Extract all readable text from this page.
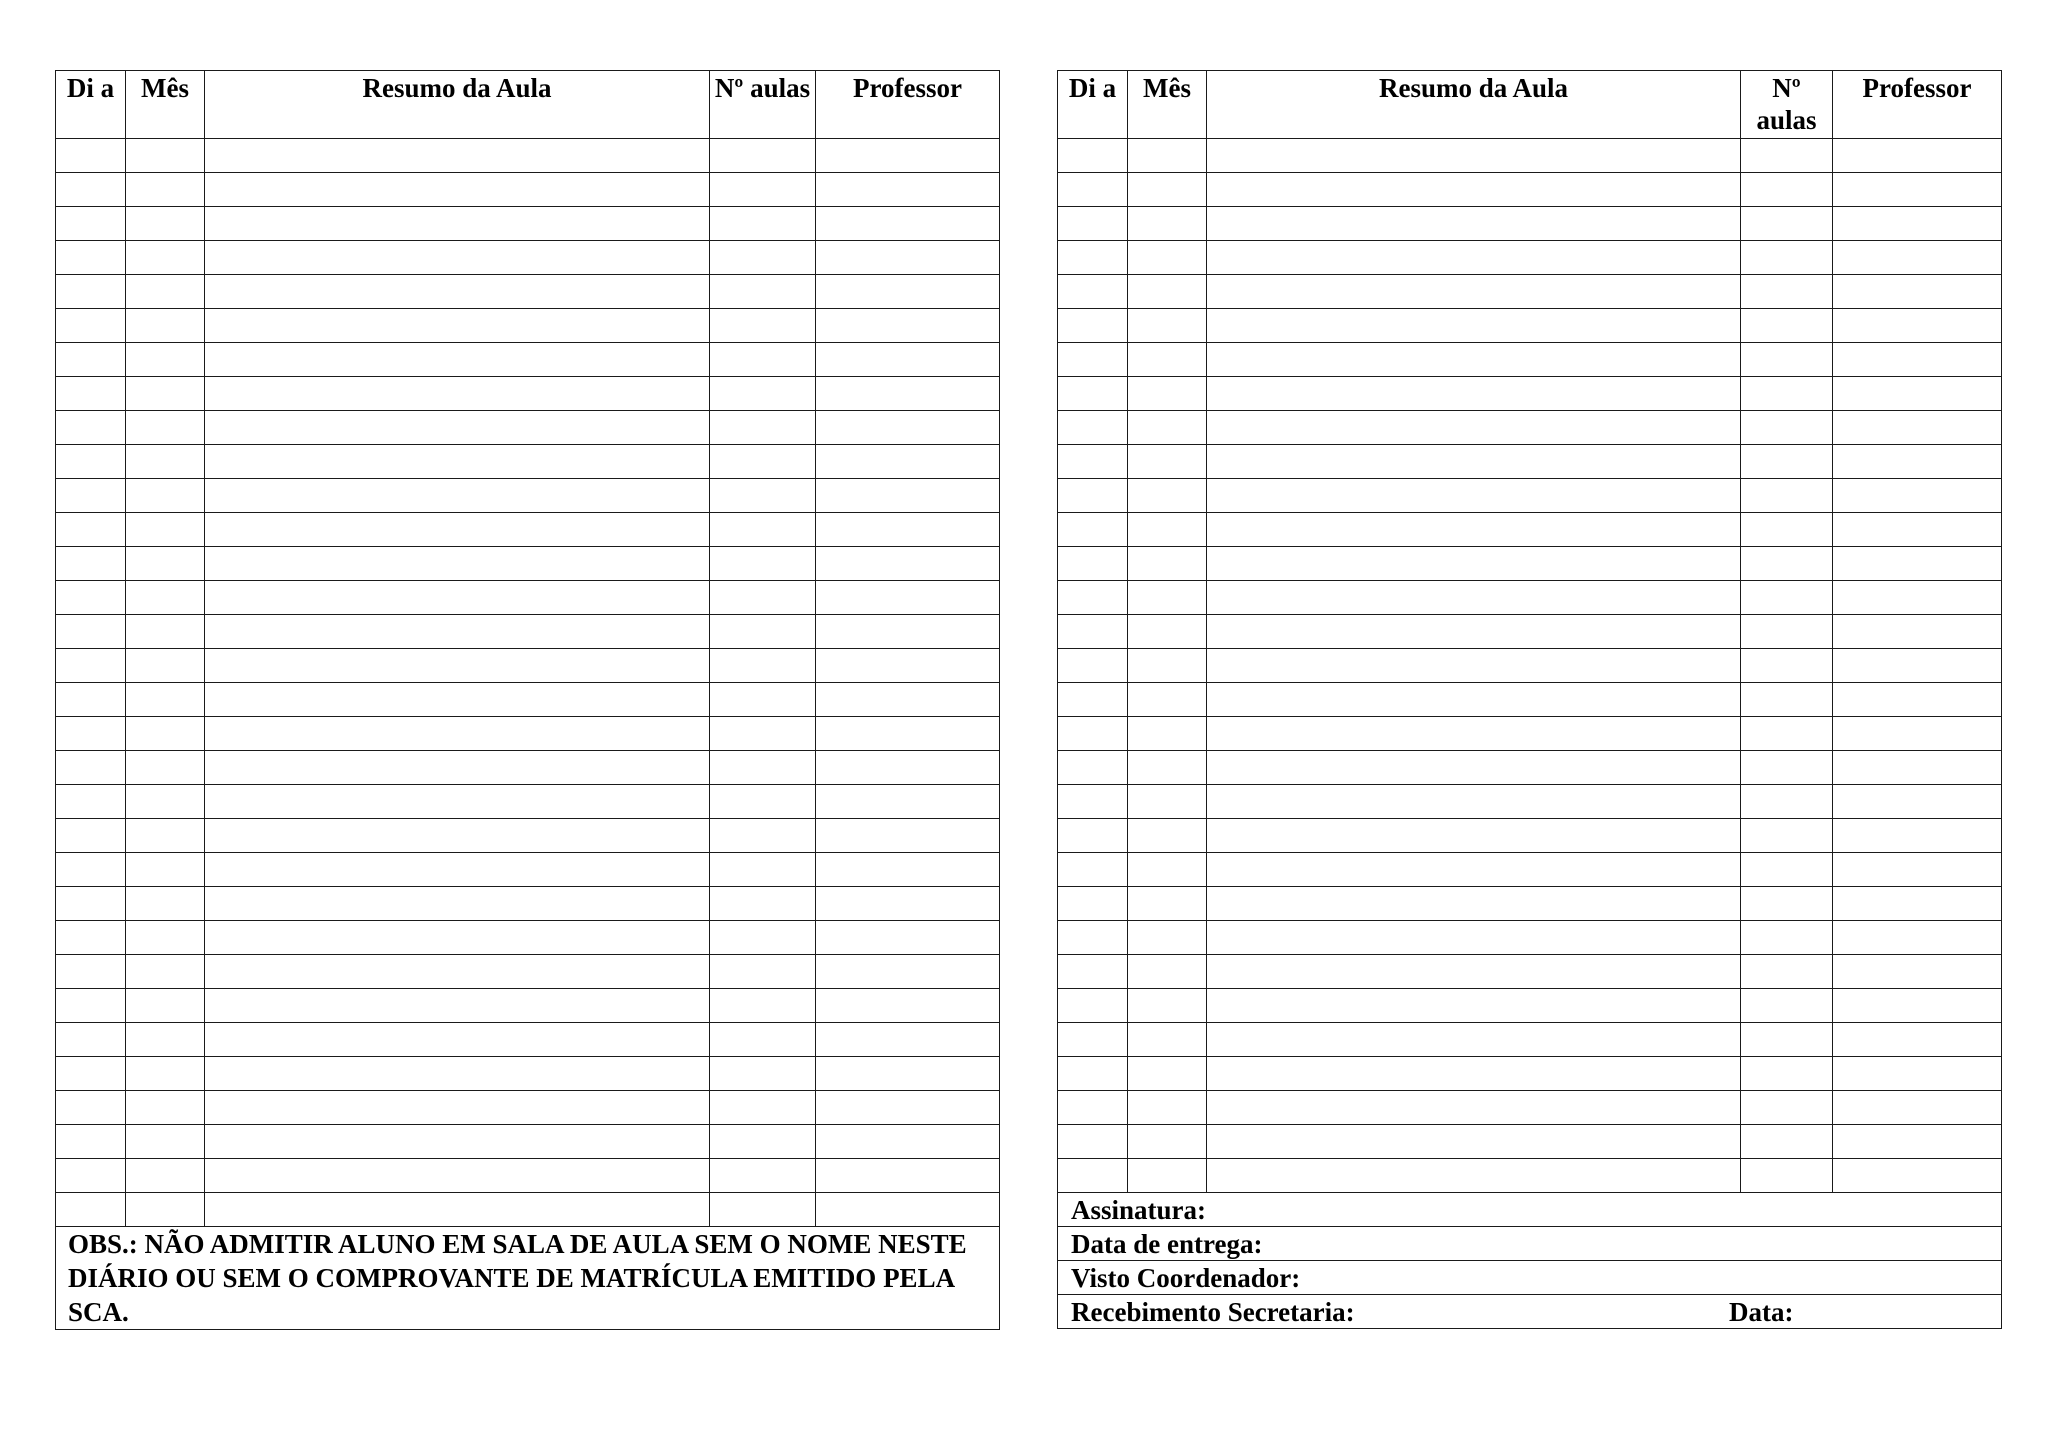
Di a	Mês	Resumo da Aula	Nº aulas	Professor

OBS.: NÃO ADMITIR ALUNO EM SALA DE AULA SEM O NOME NESTE DIÁRIO OU SEM O COMPROVANTE DE MATRÍCULA EMITIDO PELA SCA.				
Di a	Mês	Resumo da Aula	Nº aulas	Professor

Assinatura:				
Data de entrega:				
Visto Coordenador:				

Recebimento Secretaria: Data:				
